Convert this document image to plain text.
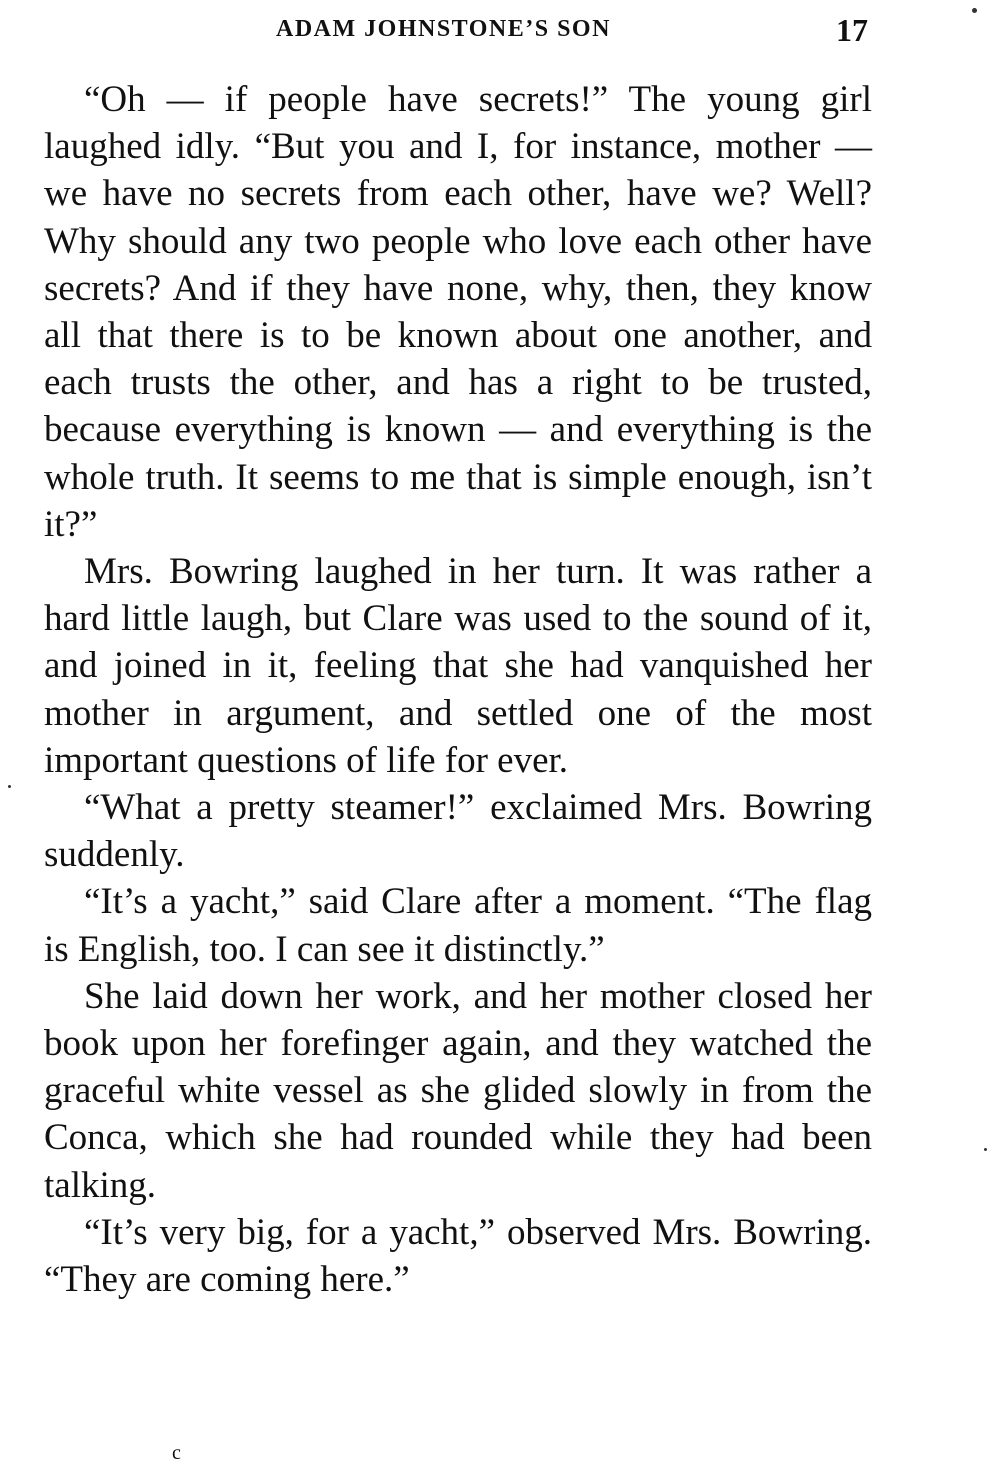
ADAM JOHNSTONE’S SON	17

“Oh — if people have secrets!” The young girl laughed idly. “But you and I, for instance, mother — we have no secrets from each other, have we? Well? Why should any two people who love each other have secrets? And if they have none, why, then, they know all that there is to be known about one another, and each trusts the other, and has a right to be trusted, because everything is known — and everything is the whole truth. It seems to me that is simple enough, isn’t it?”

Mrs. Bowring laughed in her turn. It was rather a hard little laugh, but Clare was used to the sound of it, and joined in it, feeling that she had vanquished her mother in argument, and settled one of the most important questions of life for ever.

“What a pretty steamer!” exclaimed Mrs. Bowring suddenly.

“It’s a yacht,” said Clare after a moment. “The flag is English, too. I can see it distinctly.”

She laid down her work, and her mother closed her book upon her forefinger again, and they watched the graceful white vessel as she glided slowly in from the Conca, which she had rounded while they had been talking.

“It’s very big, for a yacht,” observed Mrs. Bowring. “They are coming here.”

c
